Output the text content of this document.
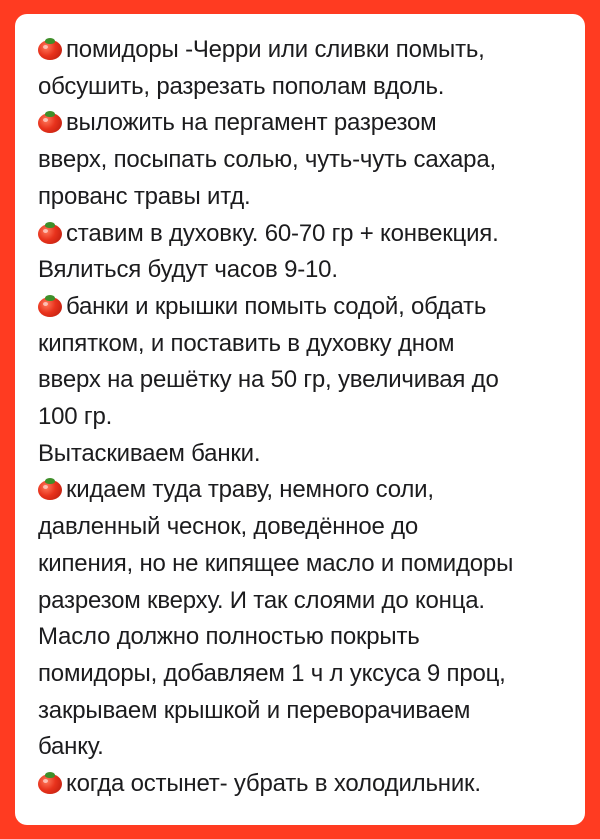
помидоры -Черри или сливки помыть,

обсушить, разрезать пополам вдоль.

выложить на пергамент разрезом

вверх, посыпать солью, чуть-чуть сахара,

прованс травы итд.

ставим в духовку. 60-70 гр + конвекция.

Вялиться будут часов 9-10.

банки и крышки помыть содой, обдать

кипятком, и поставить в духовку дном

вверх на решётку на 50 гр, увеличивая до

100 гр.

Вытаскиваем банки.

кидаем туда траву, немного соли,

давленный чеснок, доведённое до

кипения, но не кипящее масло и помидоры

разрезом кверху. И так слоями до конца.

Масло должно полностью покрыть

помидоры, добавляем 1 ч л уксуса 9 проц,

закрываем крышкой и переворачиваем

банку.

когда остынет- убрать в холодильник.
